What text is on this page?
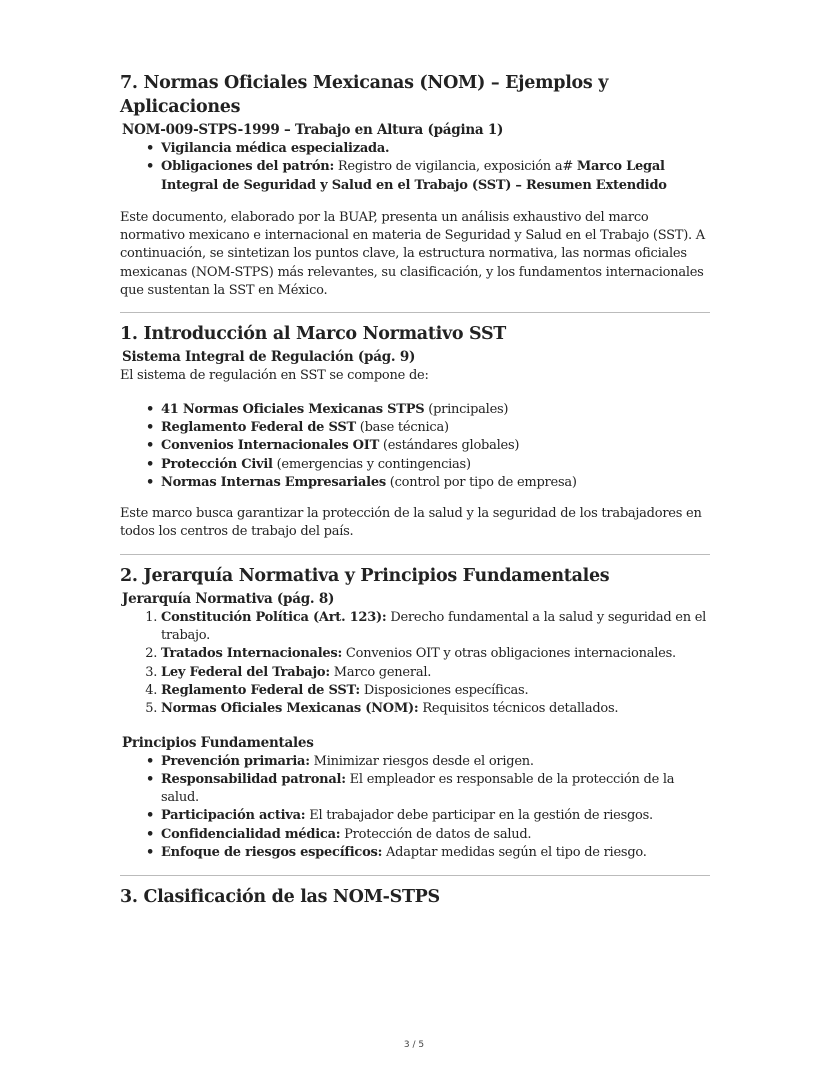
7. Normas Oficiales Mexicanas (NOM) – Ejemplos y Aplicaciones
NOM-009-STPS-1999 – Trabajo en Altura (página 1)
• Vigilancia médica especializada.
• Obligaciones del patrón: Registro de vigilancia, exposición a# Marco Legal Integral de Seguridad y Salud en el Trabajo (SST) – Resumen Extendido

Este documento, elaborado por la BUAP, presenta un análisis exhaustivo del marco normativo mexicano e internacional en materia de Seguridad y Salud en el Trabajo (SST). A continuación, se sintetizan los puntos clave, la estructura normativa, las normas oficiales mexicanas (NOM-STPS) más relevantes, su clasificación, y los fundamentos internacionales que sustentan la SST en México.

1. Introducción al Marco Normativo SST
Sistema Integral de Regulación (pág. 9)

El sistema de regulación en SST se compone de:

• 41 Normas Oficiales Mexicanas STPS (principales)
• Reglamento Federal de SST (base técnica)
• Convenios Internacionales OIT (estándares globales)
• Protección Civil (emergencias y contingencias)
• Normas Internas Empresariales (control por tipo de empresa)

Este marco busca garantizar la protección de la salud y la seguridad de los trabajadores en todos los centros de trabajo del país.

2. Jerarquía Normativa y Principios Fundamentales
Jerarquía Normativa (pág. 8)
1. Constitución Política (Art. 123): Derecho fundamental a la salud y seguridad en el trabajo.
2. Tratados Internacionales: Convenios OIT y otras obligaciones internacionales.
3. Ley Federal del Trabajo: Marco general.
4. Reglamento Federal de SST: Disposiciones específicas.
5. Normas Oficiales Mexicanas (NOM): Requisitos técnicos detallados.
Principios Fundamentales
• Prevención primaria: Minimizar riesgos desde el origen.
• Responsabilidad patronal: El empleador es responsable de la protección de la salud.
• Participación activa: El trabajador debe participar en la gestión de riesgos.
• Confidencialidad médica: Protección de datos de salud.
• Enfoque de riesgos específicos: Adaptar medidas según el tipo de riesgo.
3. Clasificación de las NOM-STPS
3 / 5
